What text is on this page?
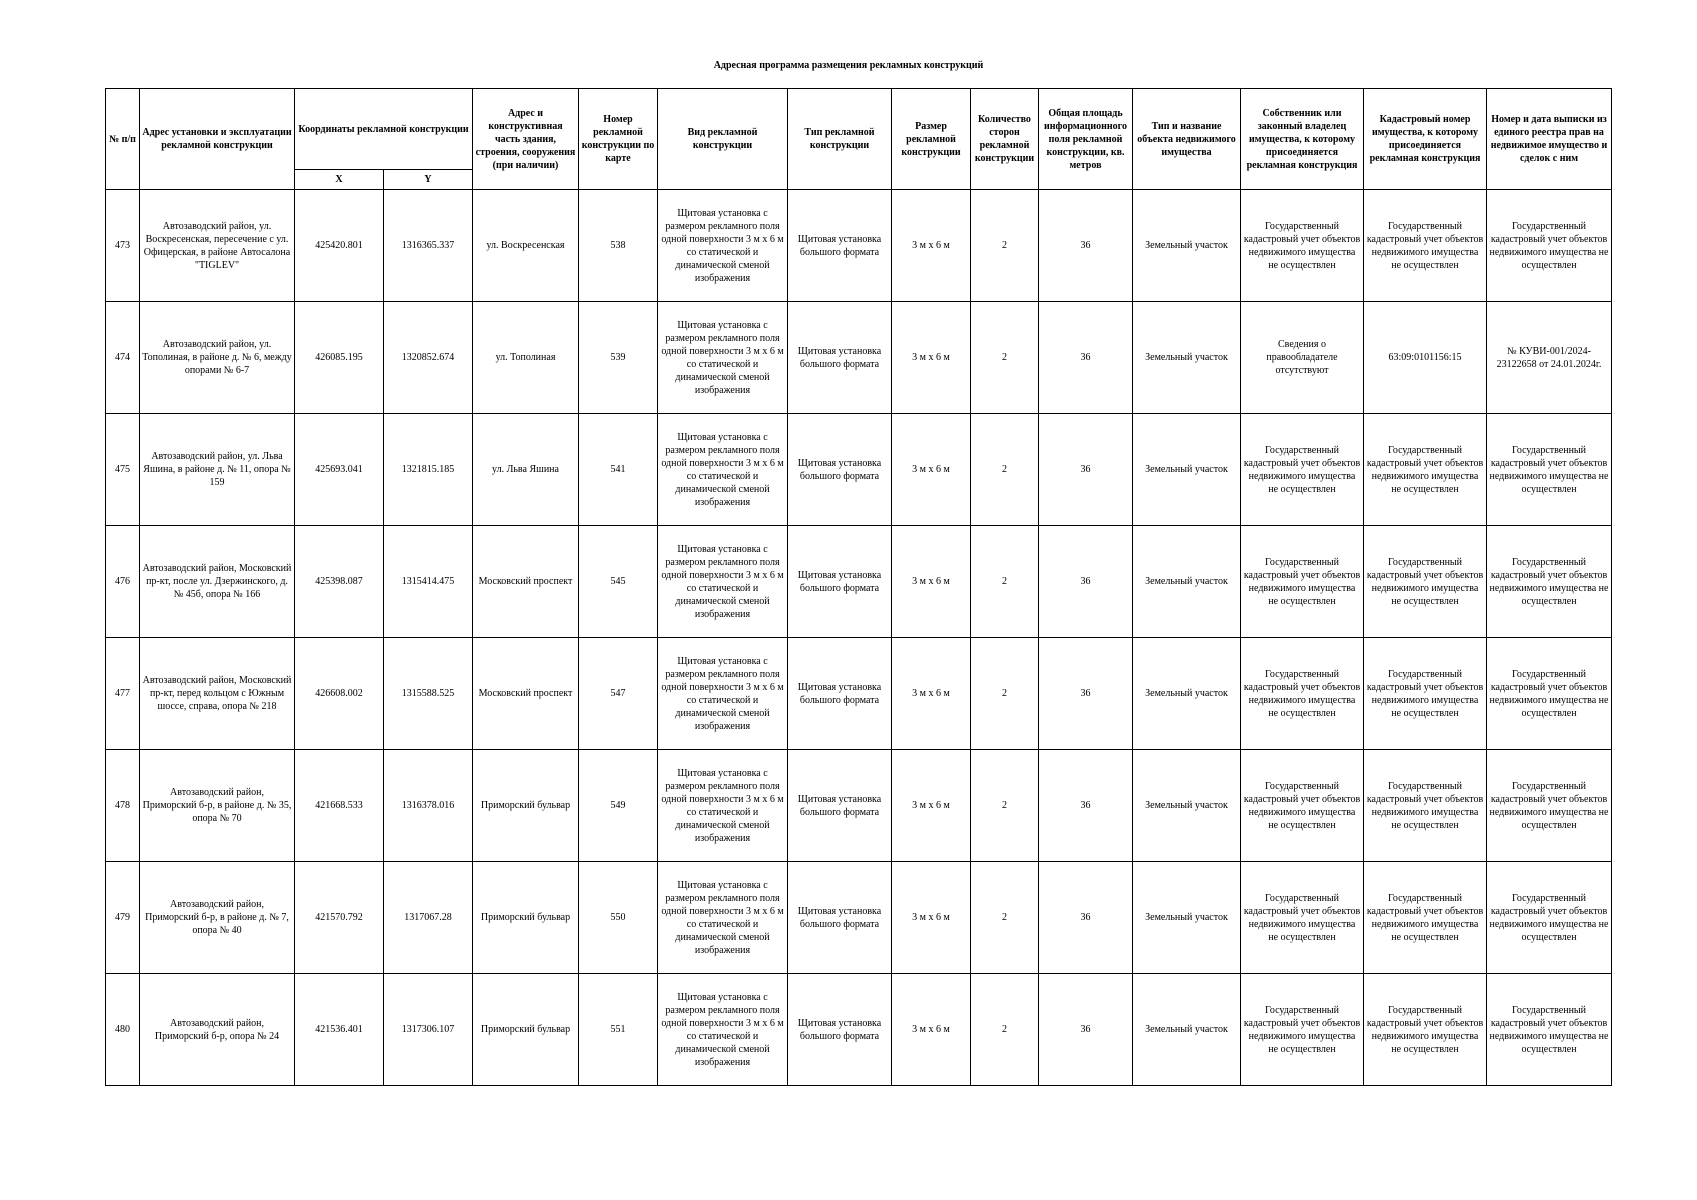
Адресная программа размещения рекламных конструкций
№ п/п	Адрес установки и эксплуатации рекламной конструкции	Координаты рекламной конструкции		Адрес и конструктивная часть здания, строения, сооружения (при наличии)	Номер рекламной конструкции по карте	Вид рекламной конструкции	Тип рекламной конструкции	Размер рекламной конструкции	Количество сторон рекламной конструкции	Общая площадь информационного поля рекламной конструкции, кв. метров	Тип и название объекта недвижимого имущества	Собственник или законный владелец имущества, к которому присоединяется рекламная конструкция	Кадастровый номер имущества, к которому присоединяется рекламная конструкция	Номер и дата выписки из единого реестра прав на недвижимое имущество и сделок с ним
		X	Y											
473	Автозаводский район, ул. Воскресенская, пересечение с ул. Офицерская, в районе Автосалона "TIGLEV"	425420.801	1316365.337	ул. Воскресенская	538	Щитовая установка с размером рекламного поля одной поверхности 3 м х 6 м со статической и динамической сменой изображения	Щитовая установка большого формата	3 м х 6 м	2	36	Земельный участок	Государственный кадастровый учет объектов недвижимого имущества не осуществлен	Государственный кадастровый учет объектов недвижимого имущества не осуществлен	Государственный кадастровый учет объектов недвижимого имущества не осуществлен
474	Автозаводский район, ул. Тополиная, в районе д. № 6, между опорами № 6-7	426085.195	1320852.674	ул. Тополиная	539	Щитовая установка с размером рекламного поля одной поверхности 3 м х 6 м со статической и динамической сменой изображения	Щитовая установка большого формата	3 м х 6 м	2	36	Земельный участок	Сведения о правообладателе отсутствуют	63:09:0101156:15	№ КУВИ-001/2024-23122658 от 24.01.2024г.
475	Автозаводский район, ул. Льва Яшина, в районе д. № 11, опора № 159	425693.041	1321815.185	ул. Льва Яшина	541	Щитовая установка с размером рекламного поля одной поверхности 3 м х 6 м со статической и динамической сменой изображения	Щитовая установка большого формата	3 м х 6 м	2	36	Земельный участок	Государственный кадастровый учет объектов недвижимого имущества не осуществлен	Государственный кадастровый учет объектов недвижимого имущества не осуществлен	Государственный кадастровый учет объектов недвижимого имущества не осуществлен
476	Автозаводский район, Московский пр-кт, после ул. Дзержинского, д. № 45б, опора № 166	425398.087	1315414.475	Московский проспект	545	Щитовая установка с размером рекламного поля одной поверхности 3 м х 6 м со статической и динамической сменой изображения	Щитовая установка большого формата	3 м х 6 м	2	36	Земельный участок	Государственный кадастровый учет объектов недвижимого имущества не осуществлен	Государственный кадастровый учет объектов недвижимого имущества не осуществлен	Государственный кадастровый учет объектов недвижимого имущества не осуществлен
477	Автозаводский район, Московский пр-кт, перед кольцом с Южным шоссе, справа, опора № 218	426608.002	1315588.525	Московский проспект	547	Щитовая установка с размером рекламного поля одной поверхности 3 м х 6 м со статической и динамической сменой изображения	Щитовая установка большого формата	3 м х 6 м	2	36	Земельный участок	Государственный кадастровый учет объектов недвижимого имущества не осуществлен	Государственный кадастровый учет объектов недвижимого имущества не осуществлен	Государственный кадастровый учет объектов недвижимого имущества не осуществлен
478	Автозаводский район, Приморский б-р, в районе д. № 35, опора № 70	421668.533	1316378.016	Приморский бульвар	549	Щитовая установка с размером рекламного поля одной поверхности 3 м х 6 м со статической и динамической сменой изображения	Щитовая установка большого формата	3 м х 6 м	2	36	Земельный участок	Государственный кадастровый учет объектов недвижимого имущества не осуществлен	Государственный кадастровый учет объектов недвижимого имущества не осуществлен	Государственный кадастровый учет объектов недвижимого имущества не осуществлен
479	Автозаводский район, Приморский б-р, в районе д. № 7, опора № 40	421570.792	1317067.28	Приморский бульвар	550	Щитовая установка с размером рекламного поля одной поверхности 3 м х 6 м со статической и динамической сменой изображения	Щитовая установка большого формата	3 м х 6 м	2	36	Земельный участок	Государственный кадастровый учет объектов недвижимого имущества не осуществлен	Государственный кадастровый учет объектов недвижимого имущества не осуществлен	Государственный кадастровый учет объектов недвижимого имущества не осуществлен
480	Автозаводский район, Приморский б-р, опора № 24	421536.401	1317306.107	Приморский бульвар	551	Щитовая установка с размером рекламного поля одной поверхности 3 м х 6 м со статической и динамической сменой изображения	Щитовая установка большого формата	3 м х 6 м	2	36	Земельный участок	Государственный кадастровый учет объектов недвижимого имущества не осуществлен	Государственный кадастровый учет объектов недвижимого имущества не осуществлен	Государственный кадастровый учет объектов недвижимого имущества не осуществлен
